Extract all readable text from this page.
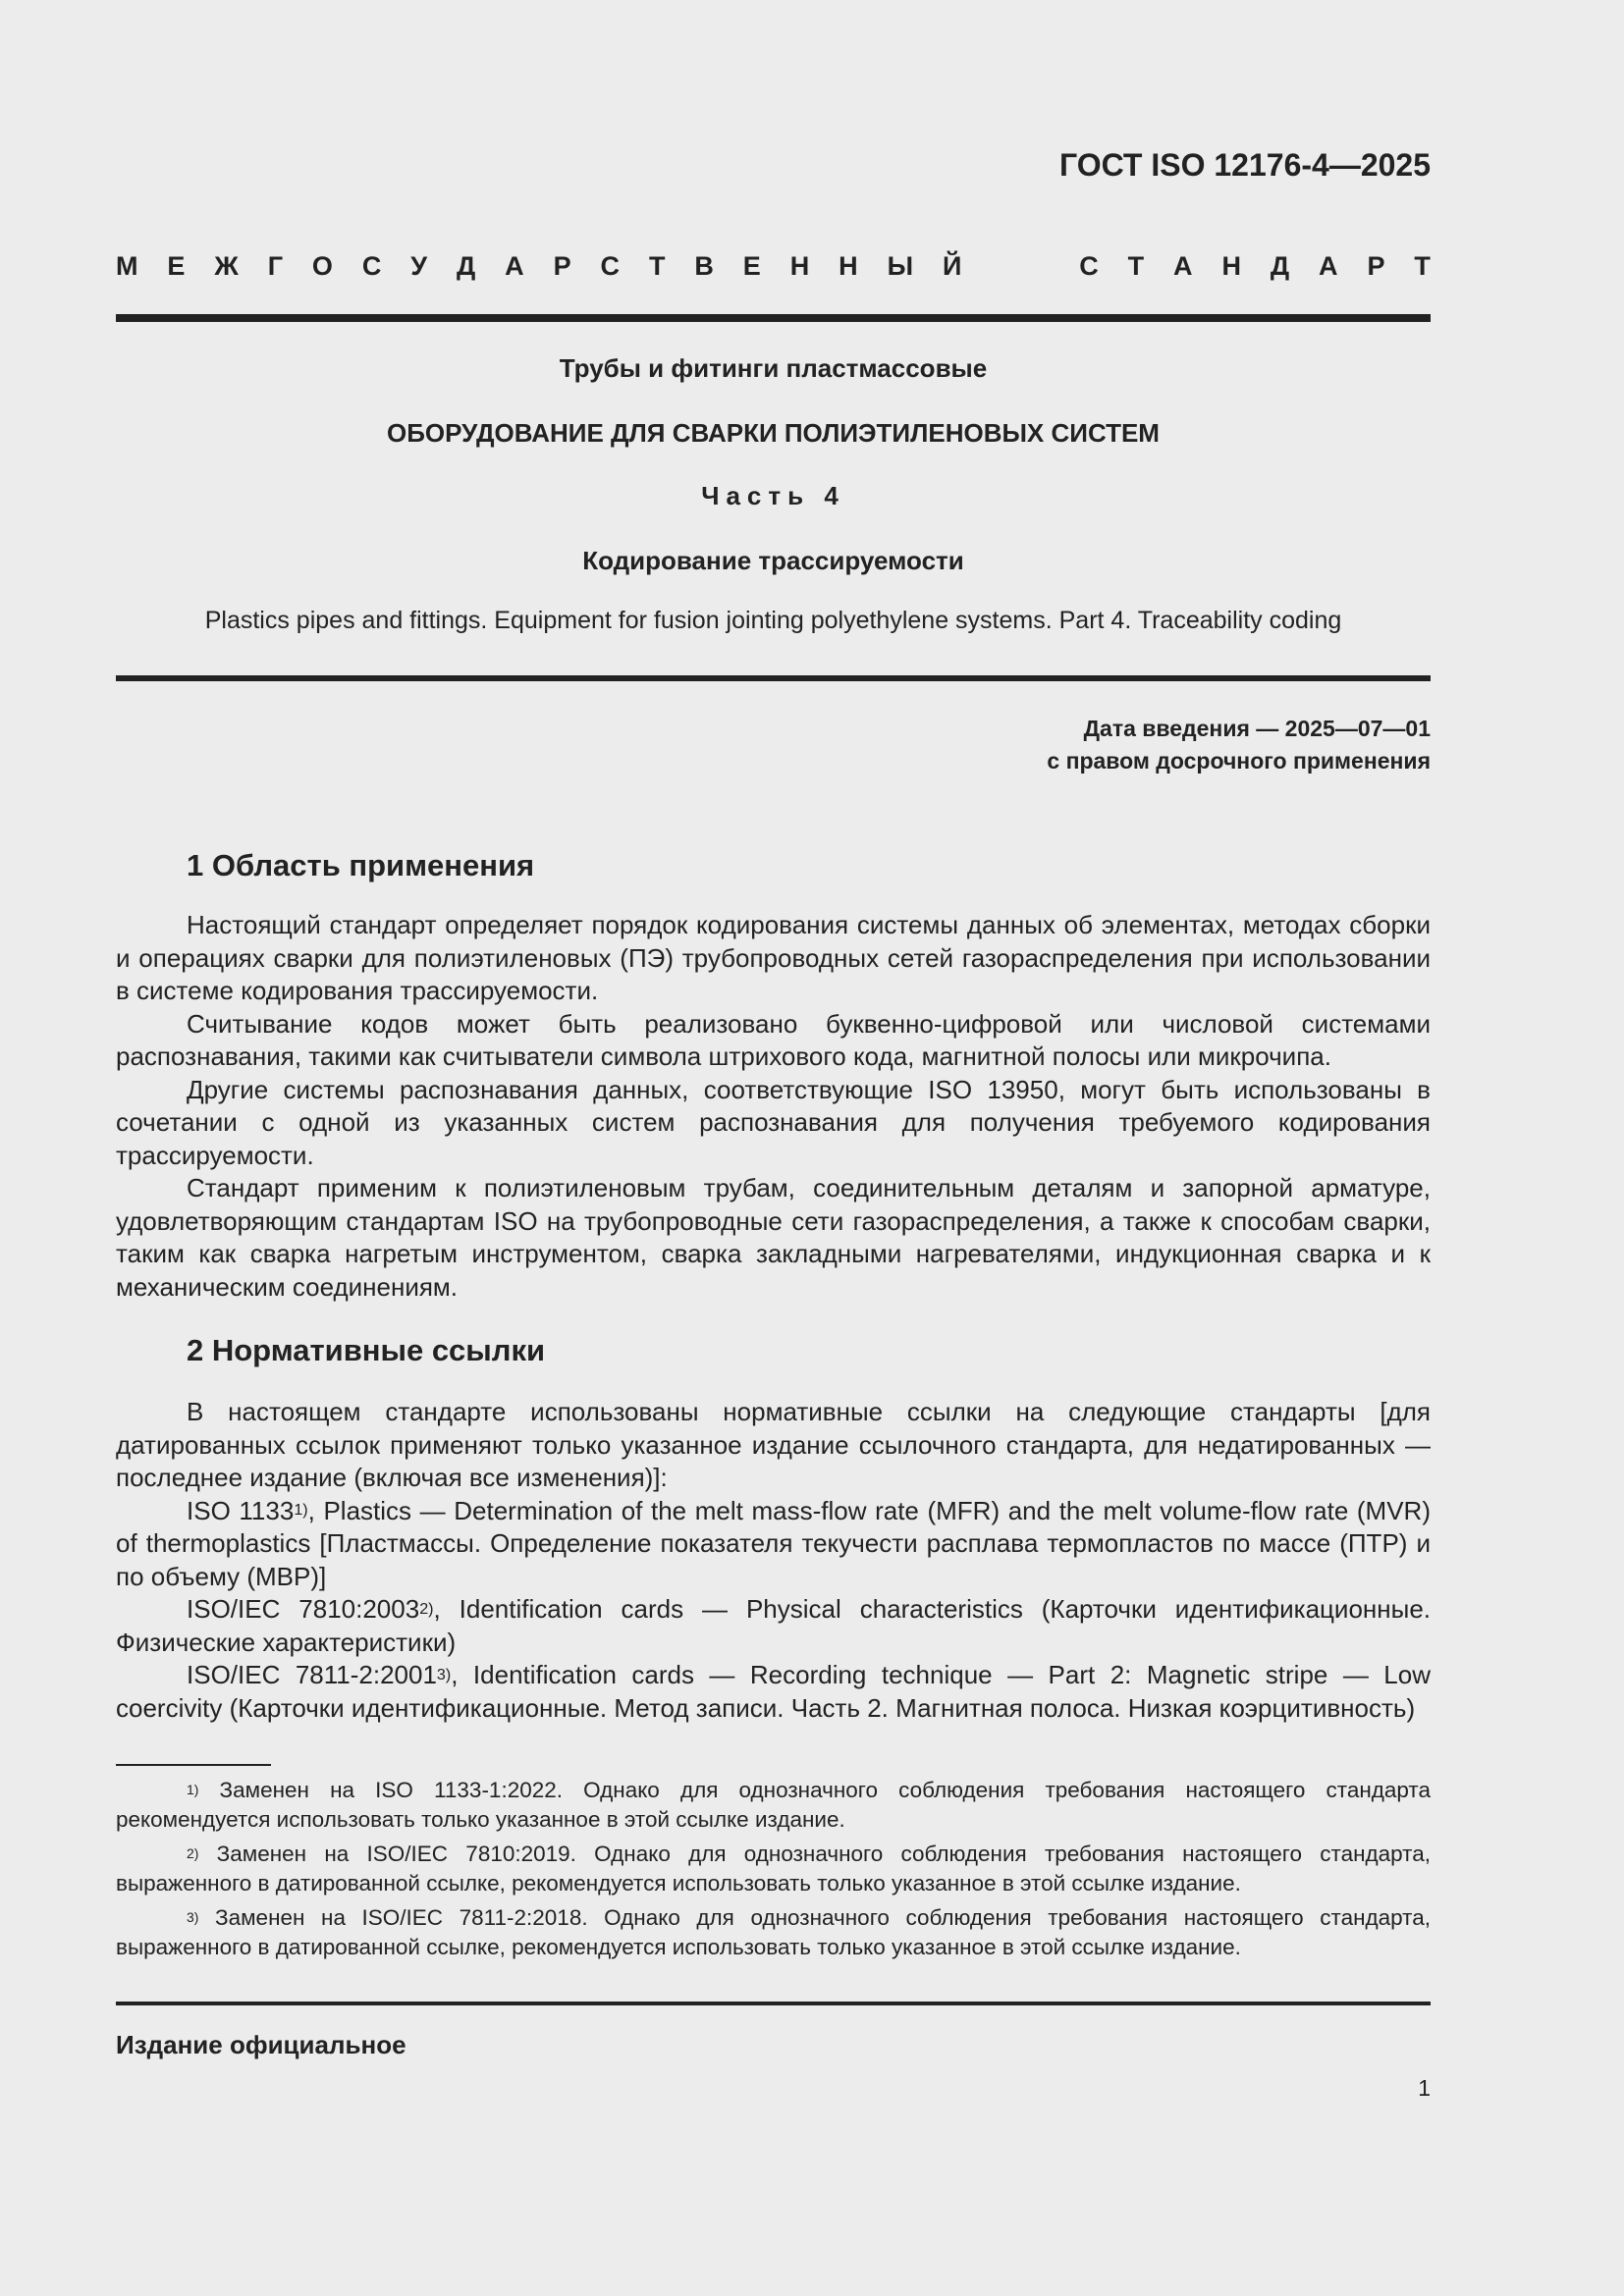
ГОСТ ISO 12176-4—2025
М Е Ж Г О С У Д А Р С Т В Е Н Н Ы Й	С Т А Н Д А Р Т
Трубы и фитинги пластмассовые
ОБОРУДОВАНИЕ ДЛЯ СВАРКИ ПОЛИЭТИЛЕНОВЫХ СИСТЕМ
Часть 4
Кодирование трассируемости
Plastics pipes and fittings. Equipment for fusion jointing polyethylene systems. Part 4. Traceability coding
Дата введения — 2025—07—01
с правом досрочного применения
1 Область применения

Настоящий стандарт определяет порядок кодирования системы данных об элементах, методах сборки и операциях сварки для полиэтиленовых (ПЭ) трубопроводных сетей газораспределения при использовании в системе кодирования трассируемости.

Считывание кодов может быть реализовано буквенно-цифровой или числовой системами распознавания, такими как считыватели символа штрихового кода, магнитной полосы или микрочипа.

Другие системы распознавания данных, соответствующие ISO 13950, могут быть использованы в сочетании с одной из указанных систем распознавания для получения требуемого кодирования трассируемости.

Стандарт применим к полиэтиленовым трубам, соединительным деталям и запорной арматуре, удовлетворяющим стандартам ISO на трубопроводные сети газораспределения, а также к способам сварки, таким как сварка нагретым инструментом, сварка закладными нагревателями, индукционная сварка и к механическим соединениям.

2 Нормативные ссылки

В настоящем стандарте использованы нормативные ссылки на следующие стандарты [для датированных ссылок применяют только указанное издание ссылочного стандарта, для недатированных — последнее издание (включая все изменения)]:

ISO 1133$^{1)}$, Plastics — Determination of the melt mass-flow rate (MFR) and the melt volume-flow rate (MVR) of thermoplastics [Пластмассы. Определение показателя текучести расплава термопластов по массе (ПТР) и по объему (МВР)]

ISO/IEC 7810:2003$^{2)}$, Identification cards — Physical characteristics (Карточки идентификационные. Физические характеристики)

ISO/IEC 7811-2:2001$^{3)}$, Identification cards — Recording technique — Part 2: Magnetic stripe — Low coercivity (Карточки идентификационные. Метод записи. Часть 2. Магнитная полоса. Низкая коэрцитивность)

$^{1)}$ Заменен на ISO 1133-1:2022. Однако для однозначного соблюдения требования настоящего стандарта рекомендуется использовать только указанное в этой ссылке издание.

$^{2)}$ Заменен на ISO/IEC 7810:2019. Однако для однозначного соблюдения требования настоящего стандарта, выраженного в датированной ссылке, рекомендуется использовать только указанное в этой ссылке издание.

$^{3)}$ Заменен на ISO/IEC 7811-2:2018. Однако для однозначного соблюдения требования настоящего стандарта, выраженного в датированной ссылке, рекомендуется использовать только указанное в этой ссылке издание.

Издание официальное
1
